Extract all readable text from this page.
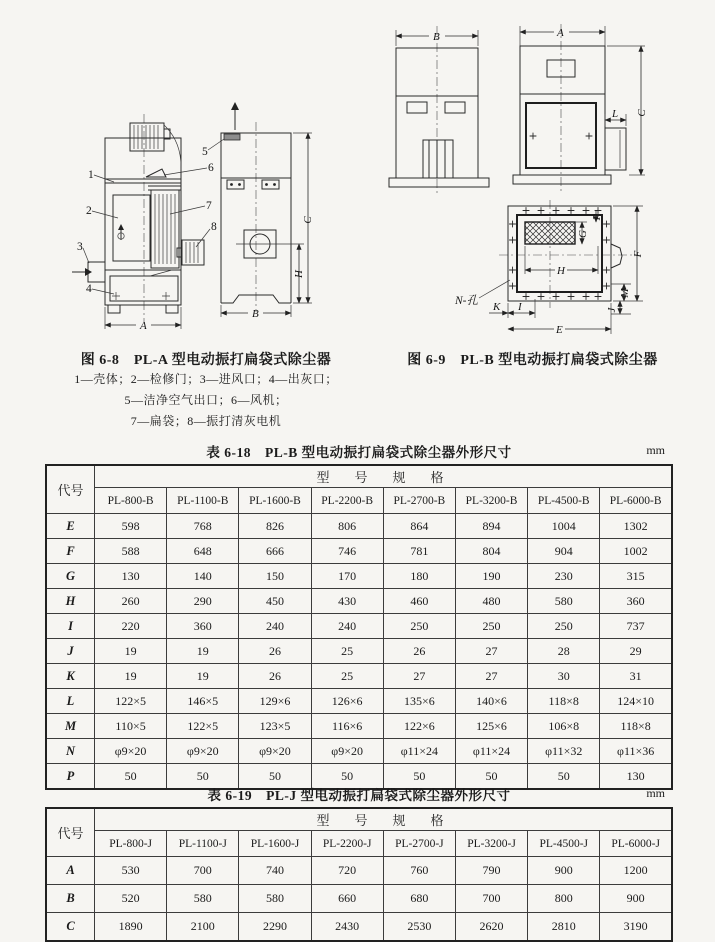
A
1
2
3
4
C
H
B
5
6
7
8
B	A
L C
G
P
H
F
M
J
K I
E
N-孔
图 6-8　PL-A 型电动振打扁袋式除尘器
1—壳体；2—检修门；3—进风口；4—出灰口；
5—洁净空气出口；6—风机；
7—扁袋；8—振打清灰电机
图 6-9　PL-B 型电动振打扁袋式除尘器
表 6-18　PL-B 型电动振打扁袋式除尘器外形尺寸	mm
代号	型　号　规　格							
	PL-800-B	PL-1100-B	PL-1600-B	PL-2200-B	PL-2700-B	PL-3200-B	PL-4500-B	PL-6000-B
E	598	768	826	806	864	894	1004	1302
F	588	648	666	746	781	804	904	1002
G	130	140	150	170	180	190	230	315
H	260	290	450	430	460	480	580	360
I	220	360	240	240	250	250	250	737
J	19	19	26	25	26	27	28	29
K	19	19	26	25	27	27	30	31
L	122×5	146×5	129×6	126×6	135×6	140×6	118×8	124×10
M	110×5	122×5	123×5	116×6	122×6	125×6	106×8	118×8
N	φ9×20	φ9×20	φ9×20	φ9×20	φ11×24	φ11×24	φ11×32	φ11×36
P	50	50	50	50	50	50	50	130
表 6-19　PL-J 型电动振打扁袋式除尘器外形尺寸	mm
代号	型　号　规　格							
	PL-800-J	PL-1100-J	PL-1600-J	PL-2200-J	PL-2700-J	PL-3200-J	PL-4500-J	PL-6000-J
A	530	700	740	720	760	790	900	1200
B	520	580	580	660	680	700	800	900
C	1890	2100	2290	2430	2530	2620	2810	3190
